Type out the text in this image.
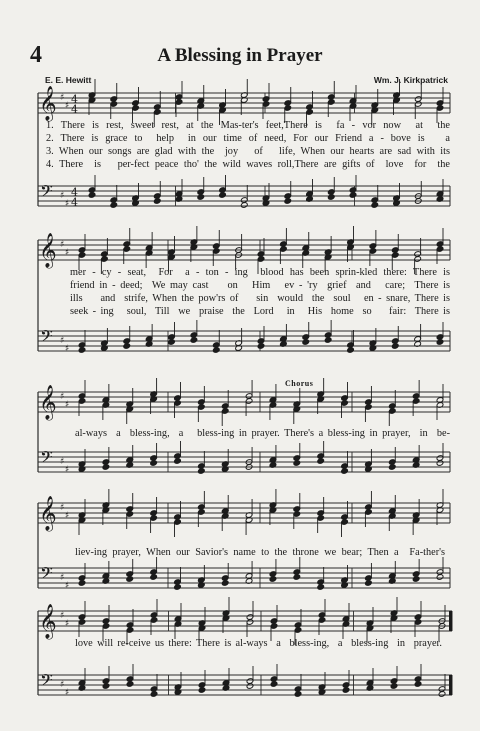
4	A Blessing in Prayer
E. E. Hewitt	Wm. J. Kirkpatrick
𝄞
𝄢
♯
♯
♯
♯
4
4
4
4
𝄞
𝄢
♯
♯
♯
♯
𝄞
𝄢
♯
♯
♯
♯
𝄞
𝄢
♯
♯
♯
♯
𝄞
𝄢
♯
♯
♯
♯
1. There is rest, sweet rest, at the Mas-ter's feet,There is  fa - vor now  at  the
2. There is grace to  help  in our time of need, For our Friend a - bove is   a
3. When our songs are glad with the  joy   of   life, When our hearts are sad with its
4. There  is   per-fect peace tho' the wild waves roll,There are gifts of  love  for  the
mer - cy - seat,  For  a - ton - ing  blood has been sprin-kled there: There is
friend in - deed;  We may cast    on   Him   ev - 'ry  grief  and   care;  There is
ills    and  strife, When the pow'rs of    sin  would  the  soul   en - snare, There is
seek - ing   soul,  Till  we  praise  the  Lord   in   His  home  so    fair:  There is
Chorus
al-ways  a  bless-ing,  a   bless-ing in prayer. There's a bless-ing in prayer,  in  be-
liev-ing prayer, When our Savior's name to the throne we bear; Then a  Fa-ther's
love will re-ceive us there: There is al-ways  a  bless-ing,  a  bless-ing  in  prayer.
